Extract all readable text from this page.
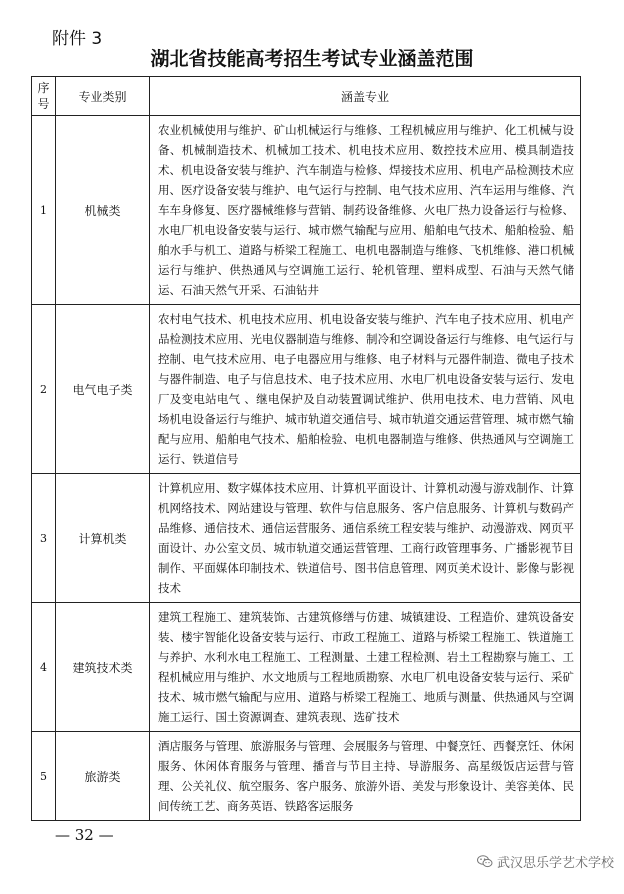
附件 3
湖北省技能高考招生考试专业涵盖范围
序
号	专业类别	涵盖专业
1	机械类	农业机械使用与维护、矿山机械运行与维修、工程机械应用与维护、化工机械与设备、机械制造技术、机械加工技术、机电技术应用、数控技术应用、模具制造技术、机电设备安装与维护、汽车制造与检修、焊接技术应用、机电产品检测技术应用、医疗设备安装与维护、电气运行与控制、电气技术应用、汽车运用与维修、汽车车身修复、医疗器械维修与营销、制药设备维修、火电厂热力设备运行与检修、水电厂机电设备安装与运行、城市燃气输配与应用、船舶电气技术、船舶检验、船舶水手与机工、道路与桥梁工程施工、电机电器制造与维修、飞机维修、港口机械运行与维护、供热通风与空调施工运行、轮机管理、塑料成型、石油与天然气储运、石油天然气开采、石油钻井
2	电气电子类	农村电气技术、机电技术应用、机电设备安装与维护、汽车电子技术应用、机电产品检测技术应用、光电仪器制造与维修、制冷和空调设备运行与维修、电气运行与控制、电气技术应用、电子电器应用与维修、电子材料与元器件制造、微电子技术与器件制造、电子与信息技术、电子技术应用、水电厂机电设备安装与运行、发电厂及变电站电气 、继电保护及自动装置调试维护、供用电技术、电力营销、风电场机电设备运行与维护、城市轨道交通信号、城市轨道交通运营管理、城市燃气输配与应用、船舶电气技术、船舶检验、电机电器制造与维修、供热通风与空调施工运行、铁道信号
3	计算机类	计算机应用、数字媒体技术应用、计算机平面设计、计算机动漫与游戏制作、计算机网络技术、网站建设与管理、软件与信息服务、客户信息服务、计算机与数码产品维修、通信技术、通信运营服务、通信系统工程安装与维护、动漫游戏、网页平面设计、办公室文员、城市轨道交通运营管理、工商行政管理事务、广播影视节目制作、平面媒体印制技术、铁道信号、图书信息管理、网页美术设计、影像与影视技术
4	建筑技术类	建筑工程施工、建筑装饰、古建筑修缮与仿建、城镇建设、工程造价、建筑设备安装、楼宇智能化设备安装与运行、市政工程施工、道路与桥梁工程施工、铁道施工与养护、水利水电工程施工、工程测量、土建工程检测、岩土工程勘察与施工、工程机械应用与维护、水文地质与工程地质勘察、水电厂机电设备安装与运行、采矿技术、城市燃气输配与应用、道路与桥梁工程施工、地质与测量、供热通风与空调施工运行、国土资源调查、建筑表现、选矿技术
5	旅游类	酒店服务与管理、旅游服务与管理、会展服务与管理、中餐烹饪、西餐烹饪、休闲服务、休闲体育服务与管理、播音与节目主持、导游服务、高星级饭店运营与管理、公关礼仪、航空服务、客户服务、旅游外语、美发与形象设计、美容美体、民间传统工艺、商务英语、铁路客运服务
— 32 —
武汉思乐学艺术学校
